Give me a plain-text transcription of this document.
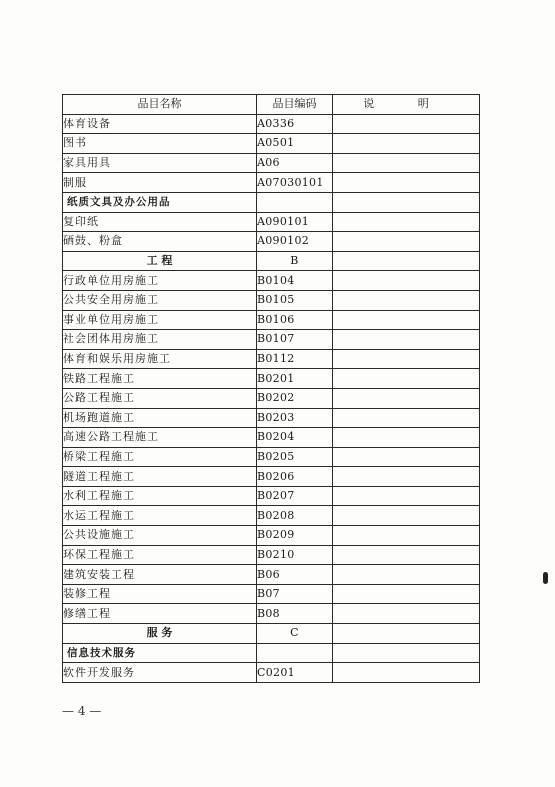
品目名称	品目编码	说 明
体育设备	A0336	
图书	A0501	
家具用具	A06	
制服	A07030101	
纸质文具及办公用品		
复印纸	A090101	
硒鼓、粉盒	A090102	
工 程	B	
行政单位用房施工	B0104	
公共安全用房施工	B0105	
事业单位用房施工	B0106	
社会团体用房施工	B0107	
体育和娱乐用房施工	B0112	
铁路工程施工	B0201	
公路工程施工	B0202	
机场跑道施工	B0203	
高速公路工程施工	B0204	
桥梁工程施工	B0205	
隧道工程施工	B0206	
水利工程施工	B0207	
水运工程施工	B0208	
公共设施施工	B0209	
环保工程施工	B0210	
建筑安装工程	B06	
装修工程	B07	
修缮工程	B08	
服 务	C	
信息技术服务		
软件开发服务	C0201	
— 4 —
